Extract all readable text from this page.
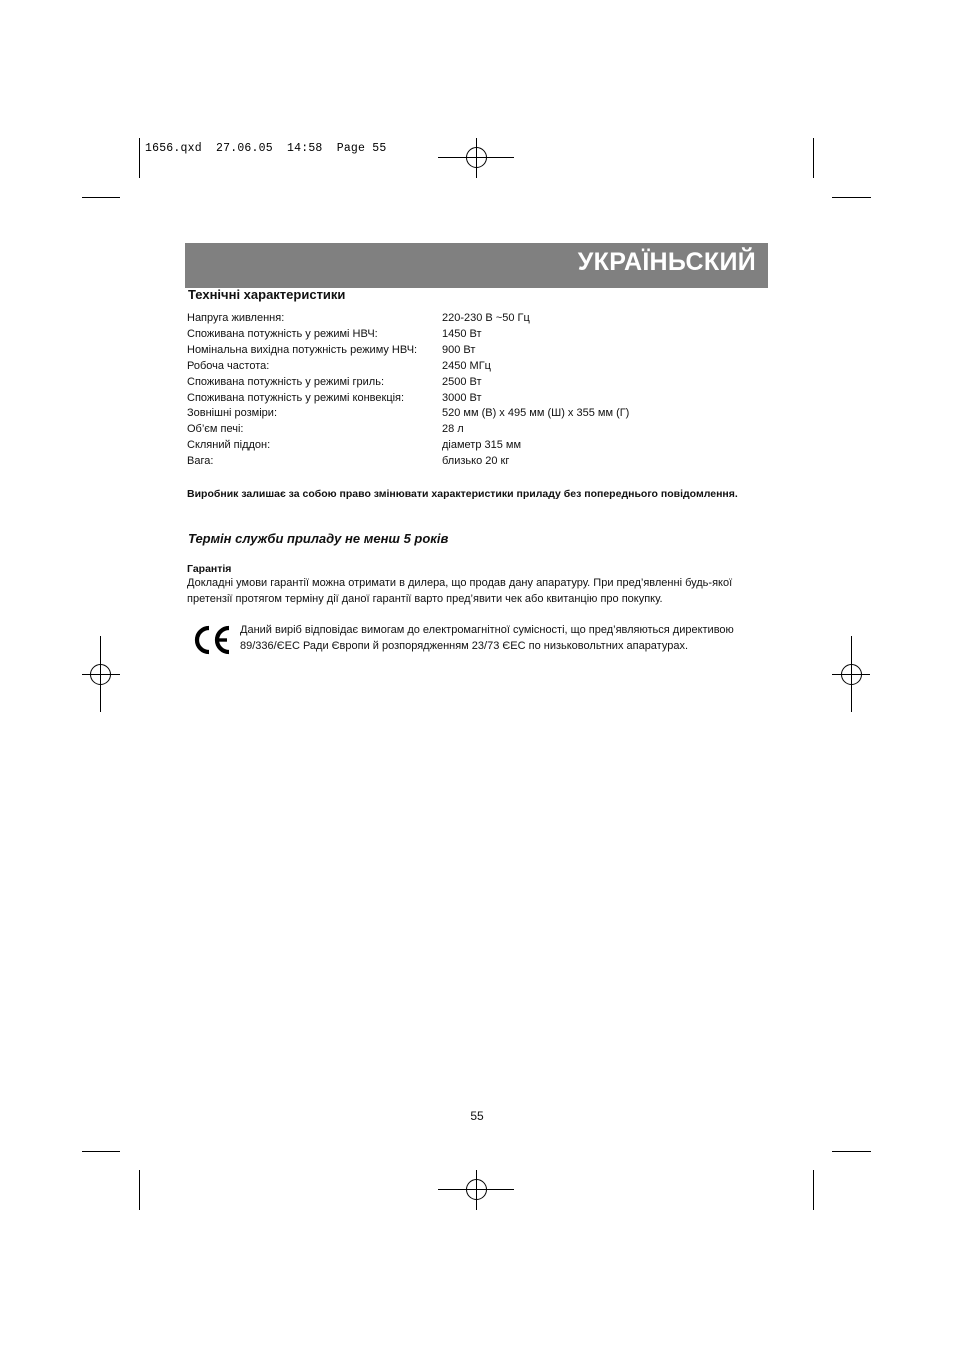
1656.qxd  27.06.05  14:58  Page 55
УКРАЇНЬСКИЙ
Технічні характеристики
Напруга живлення:	220-230 В ~50 Гц
Споживана потужність у режимі НВЧ:	1450 Вт
Номінальна вихідна потужність режиму НВЧ:	900 Вт
Робоча частота:	2450 МГц
Споживана потужність у режимі гриль:	2500 Вт
Споживана потужність у режимі конвекція:	3000 Вт
Зовнішні розміри:	520 мм (В) х 495 мм (Ш) х 355 мм (Г)
Об’єм печі:	28 л
Скляний піддон:	діаметр 315 мм
Вага:	близько 20 кг
Виробник залишає за собою право змінювати характеристики приладу без попереднього повідомлення.
Термін служби приладу не менш 5 років
Гарантія
Докладні умови гарантії можна отримати в дилера, що продав дану апаратуру. При пред’явленні будь-якої претензії протягом терміну дії даної гарантії варто пред’явити чек або квитанцію про покупку.
Даний виріб відповідає вимогам до електромагнітної сумісності, що пред’являються директивою 89/336/ЄЕС Ради Європи й розпорядженням 23/73 ЄЕС по низьковольтних апаратурах.
55
